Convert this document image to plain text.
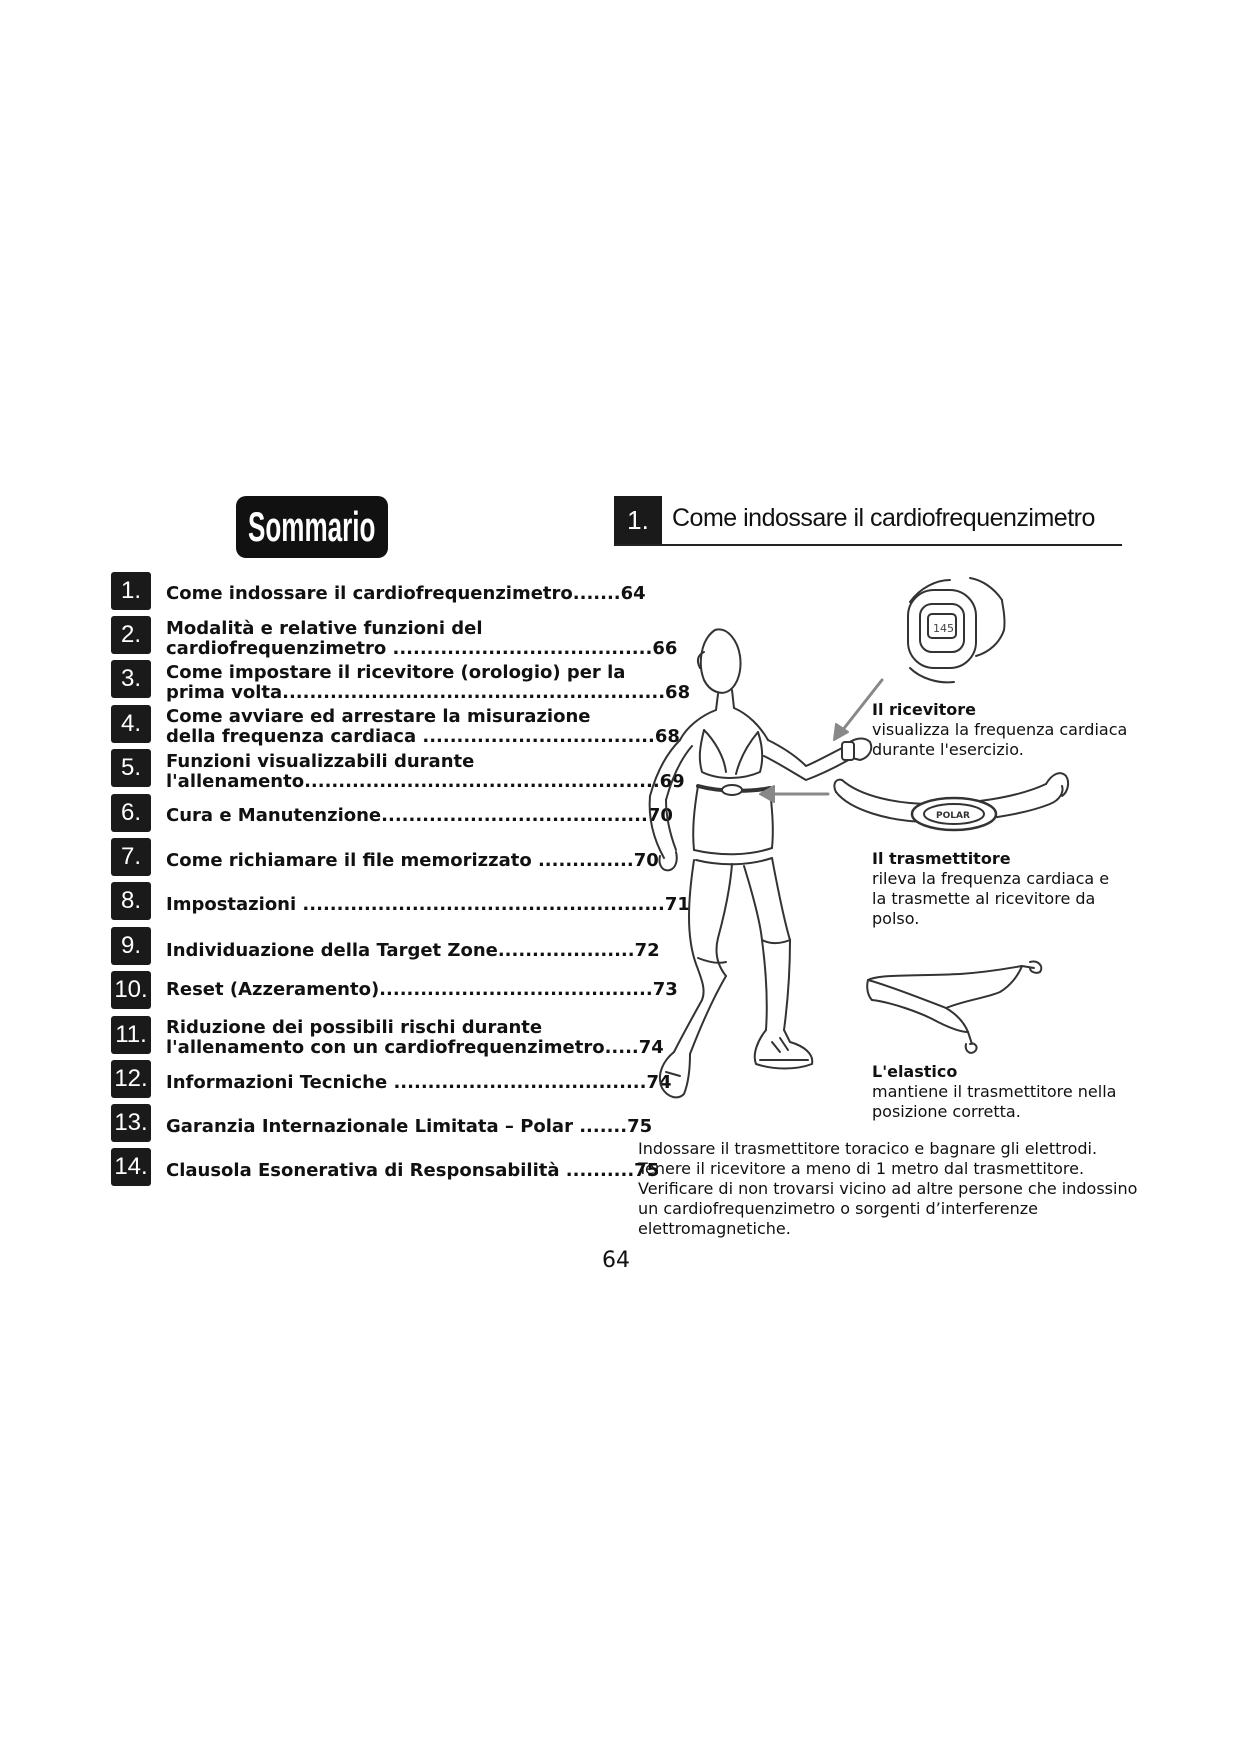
Sommario
1.	Come indossare il cardiofrequenzimetro.......64
2.	Modalità e relative funzioni del
cardiofrequenzimetro ......................................66
3.	Come impostare il ricevitore (orologio) per la
prima volta........................................................68
4.	Come avviare ed arrestare la misurazione
della frequenza cardiaca ..................................68
5.	Funzioni visualizzabili durante
l'allenamento....................................................69
6.	Cura e Manutenzione.......................................70
7.	Come richiamare il file memorizzato ..............70
8.	Impostazioni .....................................................71
9.	Individuazione della Target Zone....................72
10. Reset (Azzeramento)........................................73
11. Riduzione dei possibili rischi durante
l'allenamento con un cardiofrequenzimetro.....74
12. Informazioni Tecniche .....................................74
13. Garanzia Internazionale Limitata – Polar .......75
14. Clausola Esonerativa di Responsabilità ..........75
1. Come indossare il cardiofrequenzimetro
145
POLAR
Il ricevitore
visualizza la frequenza cardiaca
durante l'esercizio.
Il trasmettitore
rileva la frequenza cardiaca e
la trasmette al ricevitore da
polso.
L'elastico
mantiene il trasmettitore nella
posizione corretta.
Indossare il trasmettitore toracico e bagnare gli elettrodi.
Tenere il ricevitore a meno di 1 metro dal trasmettitore.
Verificare di non trovarsi vicino ad altre persone che indossino
un cardiofrequenzimetro o sorgenti d’interferenze
elettromagnetiche.
64
